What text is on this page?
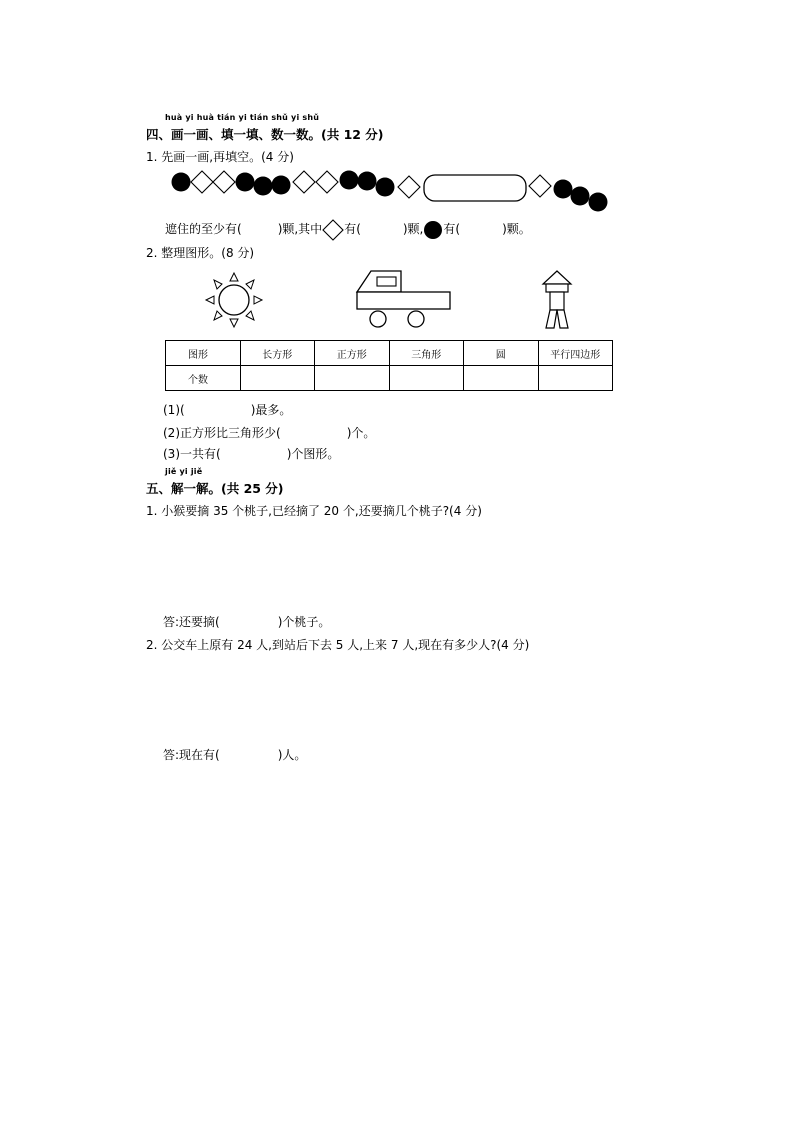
huà yi huà tián yi tián shǔ yi shǔ
四、画一画、填一填、数一数。(共 12 分)
1. 先画一画,再填空。(4 分)
遮住的至少有(	)颗,其中 有(	)颗, 有(	)颗。
2. 整理图形。(8 分)
图形	长方形	正方形	三角形	圆	平行四边形
个数					
(1)(	)最多。
(2)正方形比三角形少(	)个。
(3)一共有(	)个图形。
jiě yi jiě
五、解一解。(共 25 分)
1. 小猴要摘 35 个桃子,已经摘了 20 个,还要摘几个桃子?(4 分)
答:还要摘(	)个桃子。
2. 公交车上原有 24 人,到站后下去 5 人,上来 7 人,现在有多少人?(4 分)
答:现在有(	)人。
